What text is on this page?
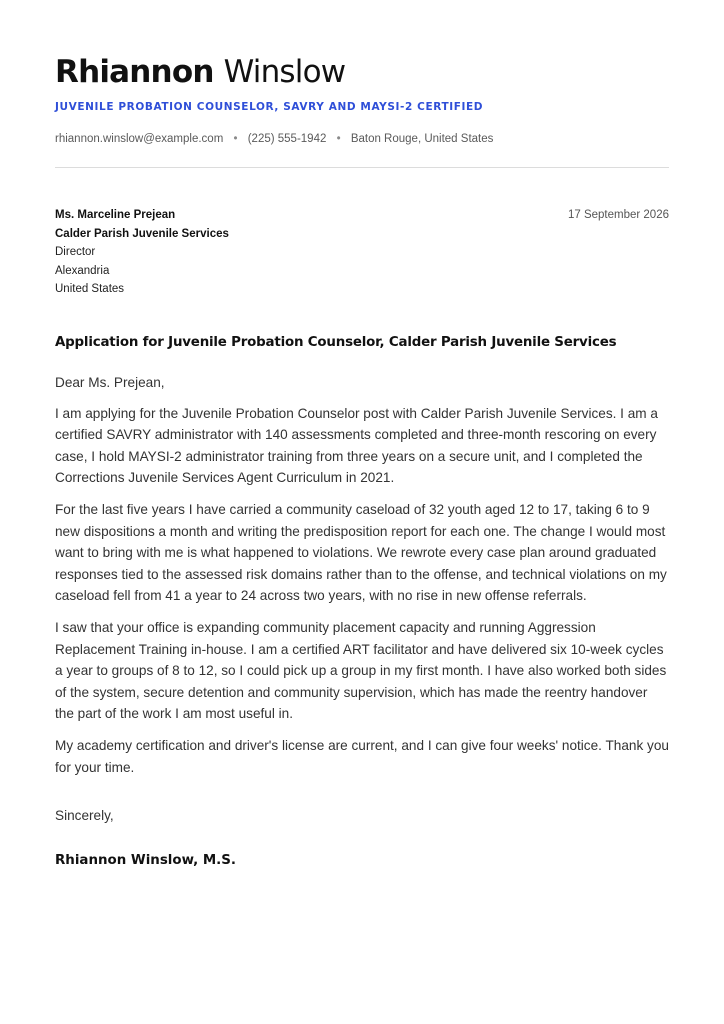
Rhiannon Winslow
JUVENILE PROBATION COUNSELOR, SAVRY AND MAYSI-2 CERTIFIED
rhiannon.winslow@example.com • (225) 555-1942 • Baton Rouge, United States
Ms. Marceline Prejean
Calder Parish Juvenile Services
Director
Alexandria
United States
17 September 2026
Application for Juvenile Probation Counselor, Calder Parish Juvenile Services

Dear Ms. Prejean,

I am applying for the Juvenile Probation Counselor post with Calder Parish Juvenile Services. I am a certified SAVRY administrator with 140 assessments completed and three-month rescoring on every case, I hold MAYSI-2 administrator training from three years on a secure unit, and I completed the Corrections Juvenile Services Agent Curriculum in 2021.

For the last five years I have carried a community caseload of 32 youth aged 12 to 17, taking 6 to 9 new dispositions a month and writing the predisposition report for each one. The change I would most want to bring with me is what happened to violations. We rewrote every case plan around graduated responses tied to the assessed risk domains rather than to the offense, and technical violations on my caseload fell from 41 a year to 24 across two years, with no rise in new offense referrals.

I saw that your office is expanding community placement capacity and running Aggression Replacement Training in-house. I am a certified ART facilitator and have delivered six 10-week cycles a year to groups of 8 to 12, so I could pick up a group in my first month. I have also worked both sides of the system, secure detention and community supervision, which has made the reentry handover the part of the work I am most useful in.

My academy certification and driver's license are current, and I can give four weeks' notice. Thank you for your time.

Sincerely,
Rhiannon Winslow, M.S.
